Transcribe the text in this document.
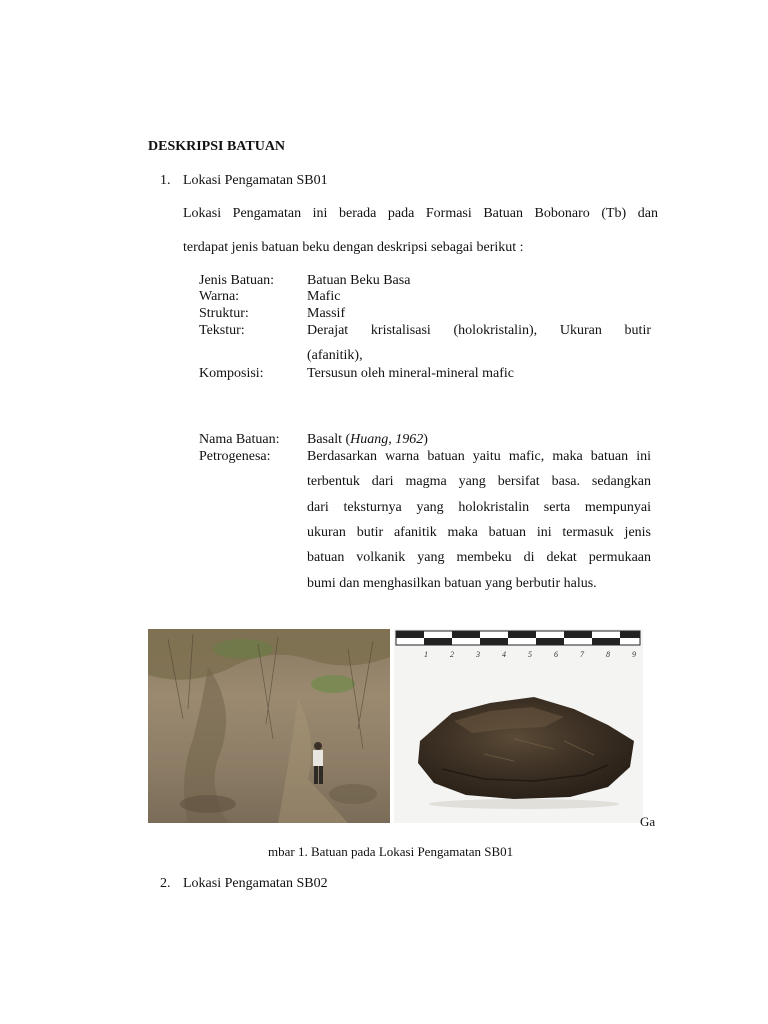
DESKRIPSI BATUAN
1. Lokasi Pengamatan SB01
Lokasi Pengamatan ini berada pada Formasi Batuan Bobonaro (Tb) dan
terdapat jenis batuan beku dengan deskripsi sebagai berikut :
Jenis Batuan: Batuan Beku Basa
Warna:	Mafic
Struktur:	Massif
Tekstur:	Derajat kristalisasi (holokristalin), Ukuran butir
(afanitik),
Komposisi:	Tersusun oleh mineral-mineral mafic
Nama Batuan: Basalt (Huang, 1962)
Petrogenesa:	Berdasarkan warna batuan yaitu mafic, maka batuan ini
terbentuk dari magma yang bersifat basa. sedangkan
dari teksturnya yang holokristalin serta mempunyai
ukuran butir afanitik maka batuan ini termasuk jenis
batuan volkanik yang membeku di dekat permukaan
bumi dan menghasilkan batuan yang berbutir halus.
1	2	3	4	5	6	7	8	9
Ga
mbar 1. Batuan pada Lokasi Pengamatan SB01
2. Lokasi Pengamatan SB02
